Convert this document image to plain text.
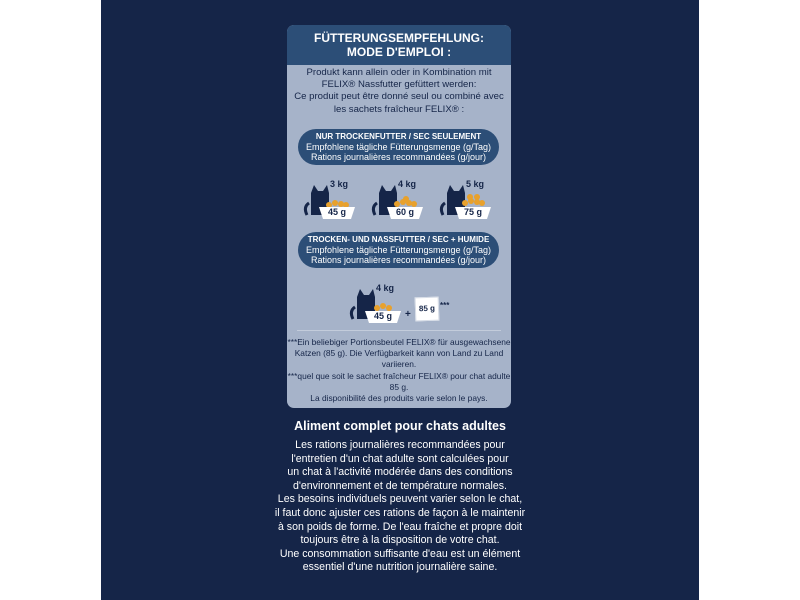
FÜTTERUNGSEMPFEHLUNG:
MODE D'EMPLOI :
Produkt kann allein oder in Kombination mit
FELIX® Nassfutter gefüttert werden:
Ce produit peut être donné seul ou combiné avec
les sachets fraîcheur FELIX® :
NUR TROCKENFUTTER / SEC SEULEMENT
Empfohlene tägliche Fütterungsmenge (g/Tag)
Rations journalières recommandées (g/jour)
3 kg
45 g
4 kg
60 g
5 kg
75 g
TROCKEN- UND NASSFUTTER / SEC + HUMIDE
Empfohlene tägliche Fütterungsmenge (g/Tag)
Rations journalières recommandées (g/jour)
4 kg
45 g	+
85 g ***
***Ein beliebiger Portionsbeutel FELIX® für ausgewachsene
Katzen (85 g). Die Verfügbarkeit kann von Land zu Land variieren.
***quel que soit le sachet fraîcheur FELIX® pour chat adulte 85 g.
La disponibilité des produits varie selon le pays.
Aliment complet pour chats adultes
Les rations journalières recommandées pour
l'entretien d'un chat adulte sont calculées pour
un chat à l'activité modérée dans des conditions
d'environnement et de température normales.
Les besoins individuels peuvent varier selon le chat,
il faut donc ajuster ces rations de façon à le maintenir
à son poids de forme. De l'eau fraîche et propre doit
toujours être à la disposition de votre chat.
Une consommation suffisante d'eau est un élément
essentiel d'une nutrition journalière saine.
